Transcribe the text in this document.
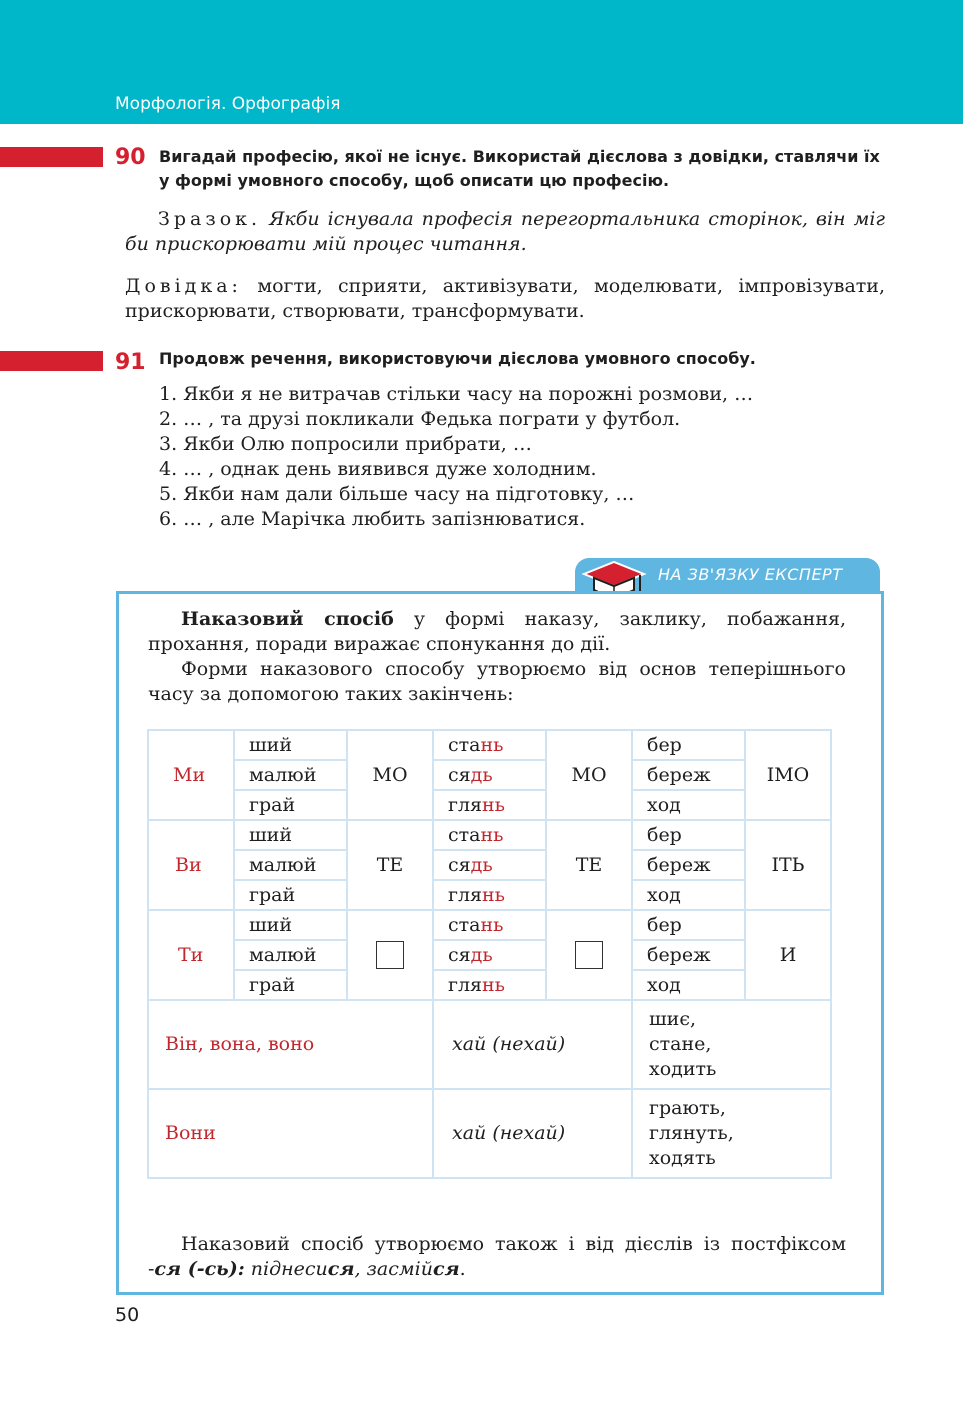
Морфологія. Орфографія
90 Вигадай професію, якої не існує. Використай дієслова з довідки, ставлячи їх у формі умовного способу, щоб описати цю професію.
Зразок. Якби існувала професія перегортальника сторінок, він міг би прискорювати мій процес читання.
Довідка: могти, сприяти, активізувати, моделювати, імпровізувати, прискорювати, створювати, трансформувати.
91 Продовж речення, використовуючи дієслова умовного способу.
1. Якби я не витрачав стільки часу на порожні розмови, …
2. … , та друзі покликали Федька пограти у футбол.
3. Якби Олю попросили прибрати, …
4. … , однак день виявився дуже холодним.
5. Якби нам дали більше часу на підготовку, …
6. … , але Марічка любить запізнюватися.
НА ЗВ'ЯЗКУ ЕКСПЕРТ
Наказовий спосіб у формі наказу, заклику, побажання, прохання, поради виражає спонукання до дії.
Форми наказового способу утворюємо від основ теперішнього часу за допомогою таких закінчень:
Ми	ший	МО	стань	МО	бер	ІМО
	малюй		сядь		береж	
	грай		глянь		ход	
Ви	ший	ТЕ	стань	ТЕ	бер	ІТЬ
	малюй		сядь		береж	
	грай		глянь		ход	
Ти	ший		стань		бер	И
	малюй		сядь		береж	
	грай		глянь		ход	
Він, вона, воно			хай (нехай)		шиє,
стане,
ходить	

Вони			хай (нехай)		грають,
глянуть,
ходять	
Наказовий спосіб утворюємо також і від дієслів із постфіксом -ся (-сь): піднесися, засмійся.
50
